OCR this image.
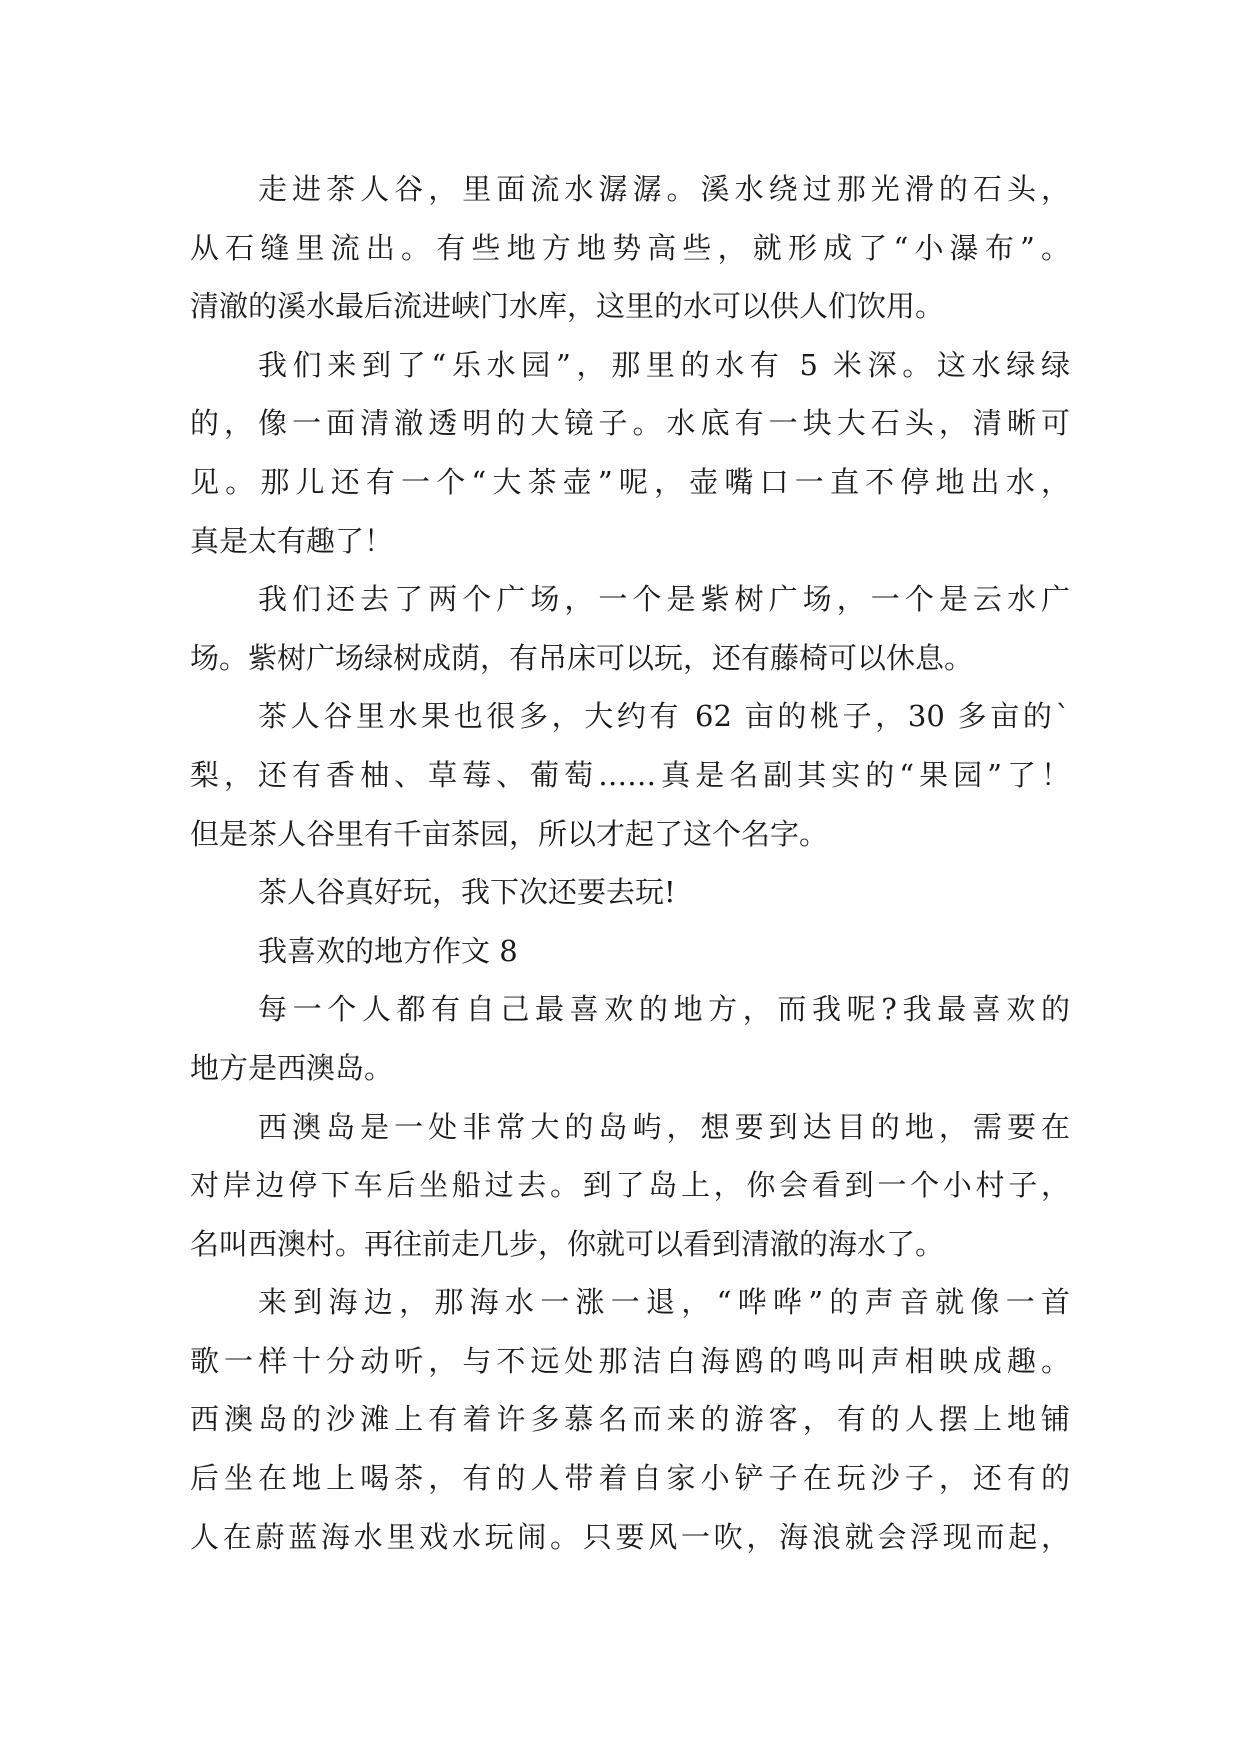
走进茶人谷，里面流水潺潺。溪水绕过那光滑的石头，
从石缝里流出。有些地方地势高些，就形成了“小瀑布”。
清澈的溪水最后流进峡门水库，这里的水可以供人们饮用。
我们来到了“乐水园”，那里的水有 5 米深。这水绿绿
的，像一面清澈透明的大镜子。水底有一块大石头，清晰可
见。那儿还有一个“大茶壶”呢，壶嘴口一直不停地出水，
真是太有趣了！
我们还去了两个广场，一个是紫树广场，一个是云水广
场。紫树广场绿树成荫，有吊床可以玩，还有藤椅可以休息。
茶人谷里水果也很多，大约有 62 亩的桃子，30 多亩的`
梨，还有香柚、草莓、葡萄……真是名副其实的“果园”了！
但是茶人谷里有千亩茶园，所以才起了这个名字。
茶人谷真好玩，我下次还要去玩!
我喜欢的地方作文 8
每一个人都有自己最喜欢的地方，而我呢?我最喜欢的
地方是西澳岛。
西澳岛是一处非常大的岛屿，想要到达目的地，需要在
对岸边停下车后坐船过去。到了岛上，你会看到一个小村子，
名叫西澳村。再往前走几步，你就可以看到清澈的海水了。
来到海边，那海水一涨一退，“哗哗”的声音就像一首
歌一样十分动听，与不远处那洁白海鸥的鸣叫声相映成趣。
西澳岛的沙滩上有着许多慕名而来的游客，有的人摆上地铺
后坐在地上喝茶，有的人带着自家小铲子在玩沙子，还有的
人在蔚蓝海水里戏水玩闹。只要风一吹，海浪就会浮现而起，
